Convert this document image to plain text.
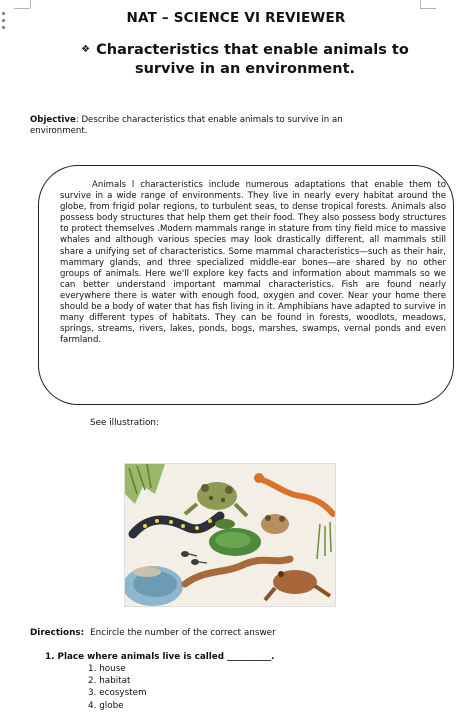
NAT – SCIENCE VI REVIEWER
❖ Characteristics that enable animals to survive in an environment.
Objective: Describe characteristics that enable animals to survive in an environment.
Animals l characteristics include numerous adaptations that enable them to survive in a wide range of environments. They live in nearly every habitat around the globe, from frigid polar regions, to turbulent seas, to dense tropical forests. Animals also possess body structures that help them get their food. They also possess body structures to protect themselves .Modern mammals range in stature from tiny field mice to massive whales and although various species may look drastically different, all mammals still share a unifying set of characteristics. Some mammal characteristics—such as their hair, mammary glands, and three specialized middle-ear bones—are shared by no other groups of animals. Here we'll explore key facts and information about mammals so we can better understand important mammal characteristics. Fish are found nearly everywhere there is water with enough food, oxygen and cover. Near your home there should be a body of water that has fish living in it. Amphibians have adapted to survive in many different types of habitats. They can be found in forests, woodlots, meadows, springs, streams, rivers, lakes, ponds, bogs, marshes, swamps, vernal ponds and even farmland.
See illustration:
Directions: Encircle the number of the correct answer
1. Place where animals live is called __________.
1. house
2. habitat
3. ecosystem
4. globe
